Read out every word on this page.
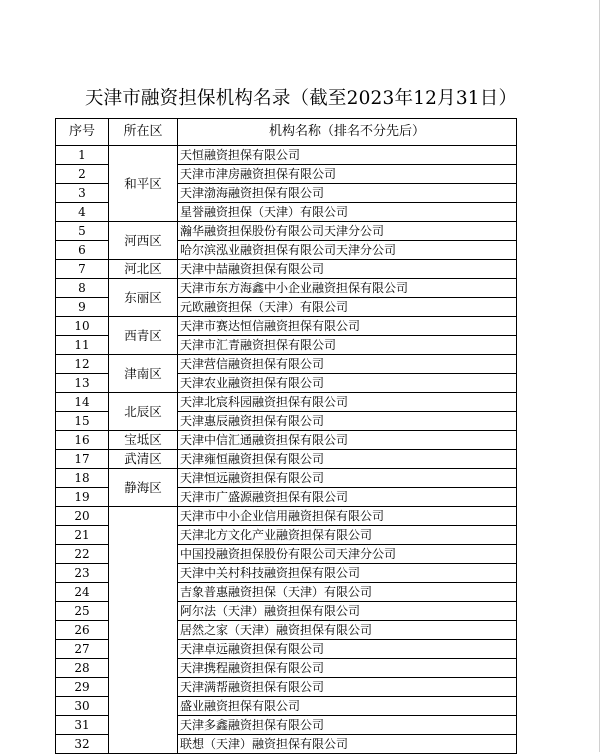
天津市融资担保机构名录（截至2023年12月31日）
序号	所在区	机构名称（排名不分先后）
1	和平区	天恒融资担保有限公司
2		天津市津房融资担保有限公司
3		天津渤海融资担保有限公司
4		星誉融资担保（天津）有限公司
5	河西区	瀚华融资担保股份有限公司天津分公司
6		哈尔滨泓业融资担保有限公司天津分公司
7	河北区	天津中喆融资担保有限公司
8	东丽区	天津市东方海鑫中小企业融资担保有限公司
9		元欧融资担保（天津）有限公司
10	西青区	天津市赛达恒信融资担保有限公司
11		天津市汇青融资担保有限公司
12	津南区	天津营信融资担保有限公司
13		天津农业融资担保有限公司
14	北辰区	天津北宸科园融资担保有限公司
15		天津惠辰融资担保有限公司
16	宝坻区	天津中信汇通融资担保有限公司
17	武清区	天津雍恒融资担保有限公司
18	静海区	天津恒远融资担保有限公司
19		天津市广盛源融资担保有限公司
20		天津市中小企业信用融资担保有限公司
21		天津北方文化产业融资担保有限公司
22		中国投融资担保股份有限公司天津分公司
23		天津中关村科技融资担保有限公司
24		吉象普惠融资担保（天津）有限公司
25		阿尔法（天津）融资担保有限公司
26		居然之家（天津）融资担保有限公司
27		天津卓远融资担保有限公司
28		天津携程融资担保有限公司
29		天津满帮融资担保有限公司
30		盛业融资担保有限公司
31		天津多鑫融资担保有限公司
32		联想（天津）融资担保有限公司
